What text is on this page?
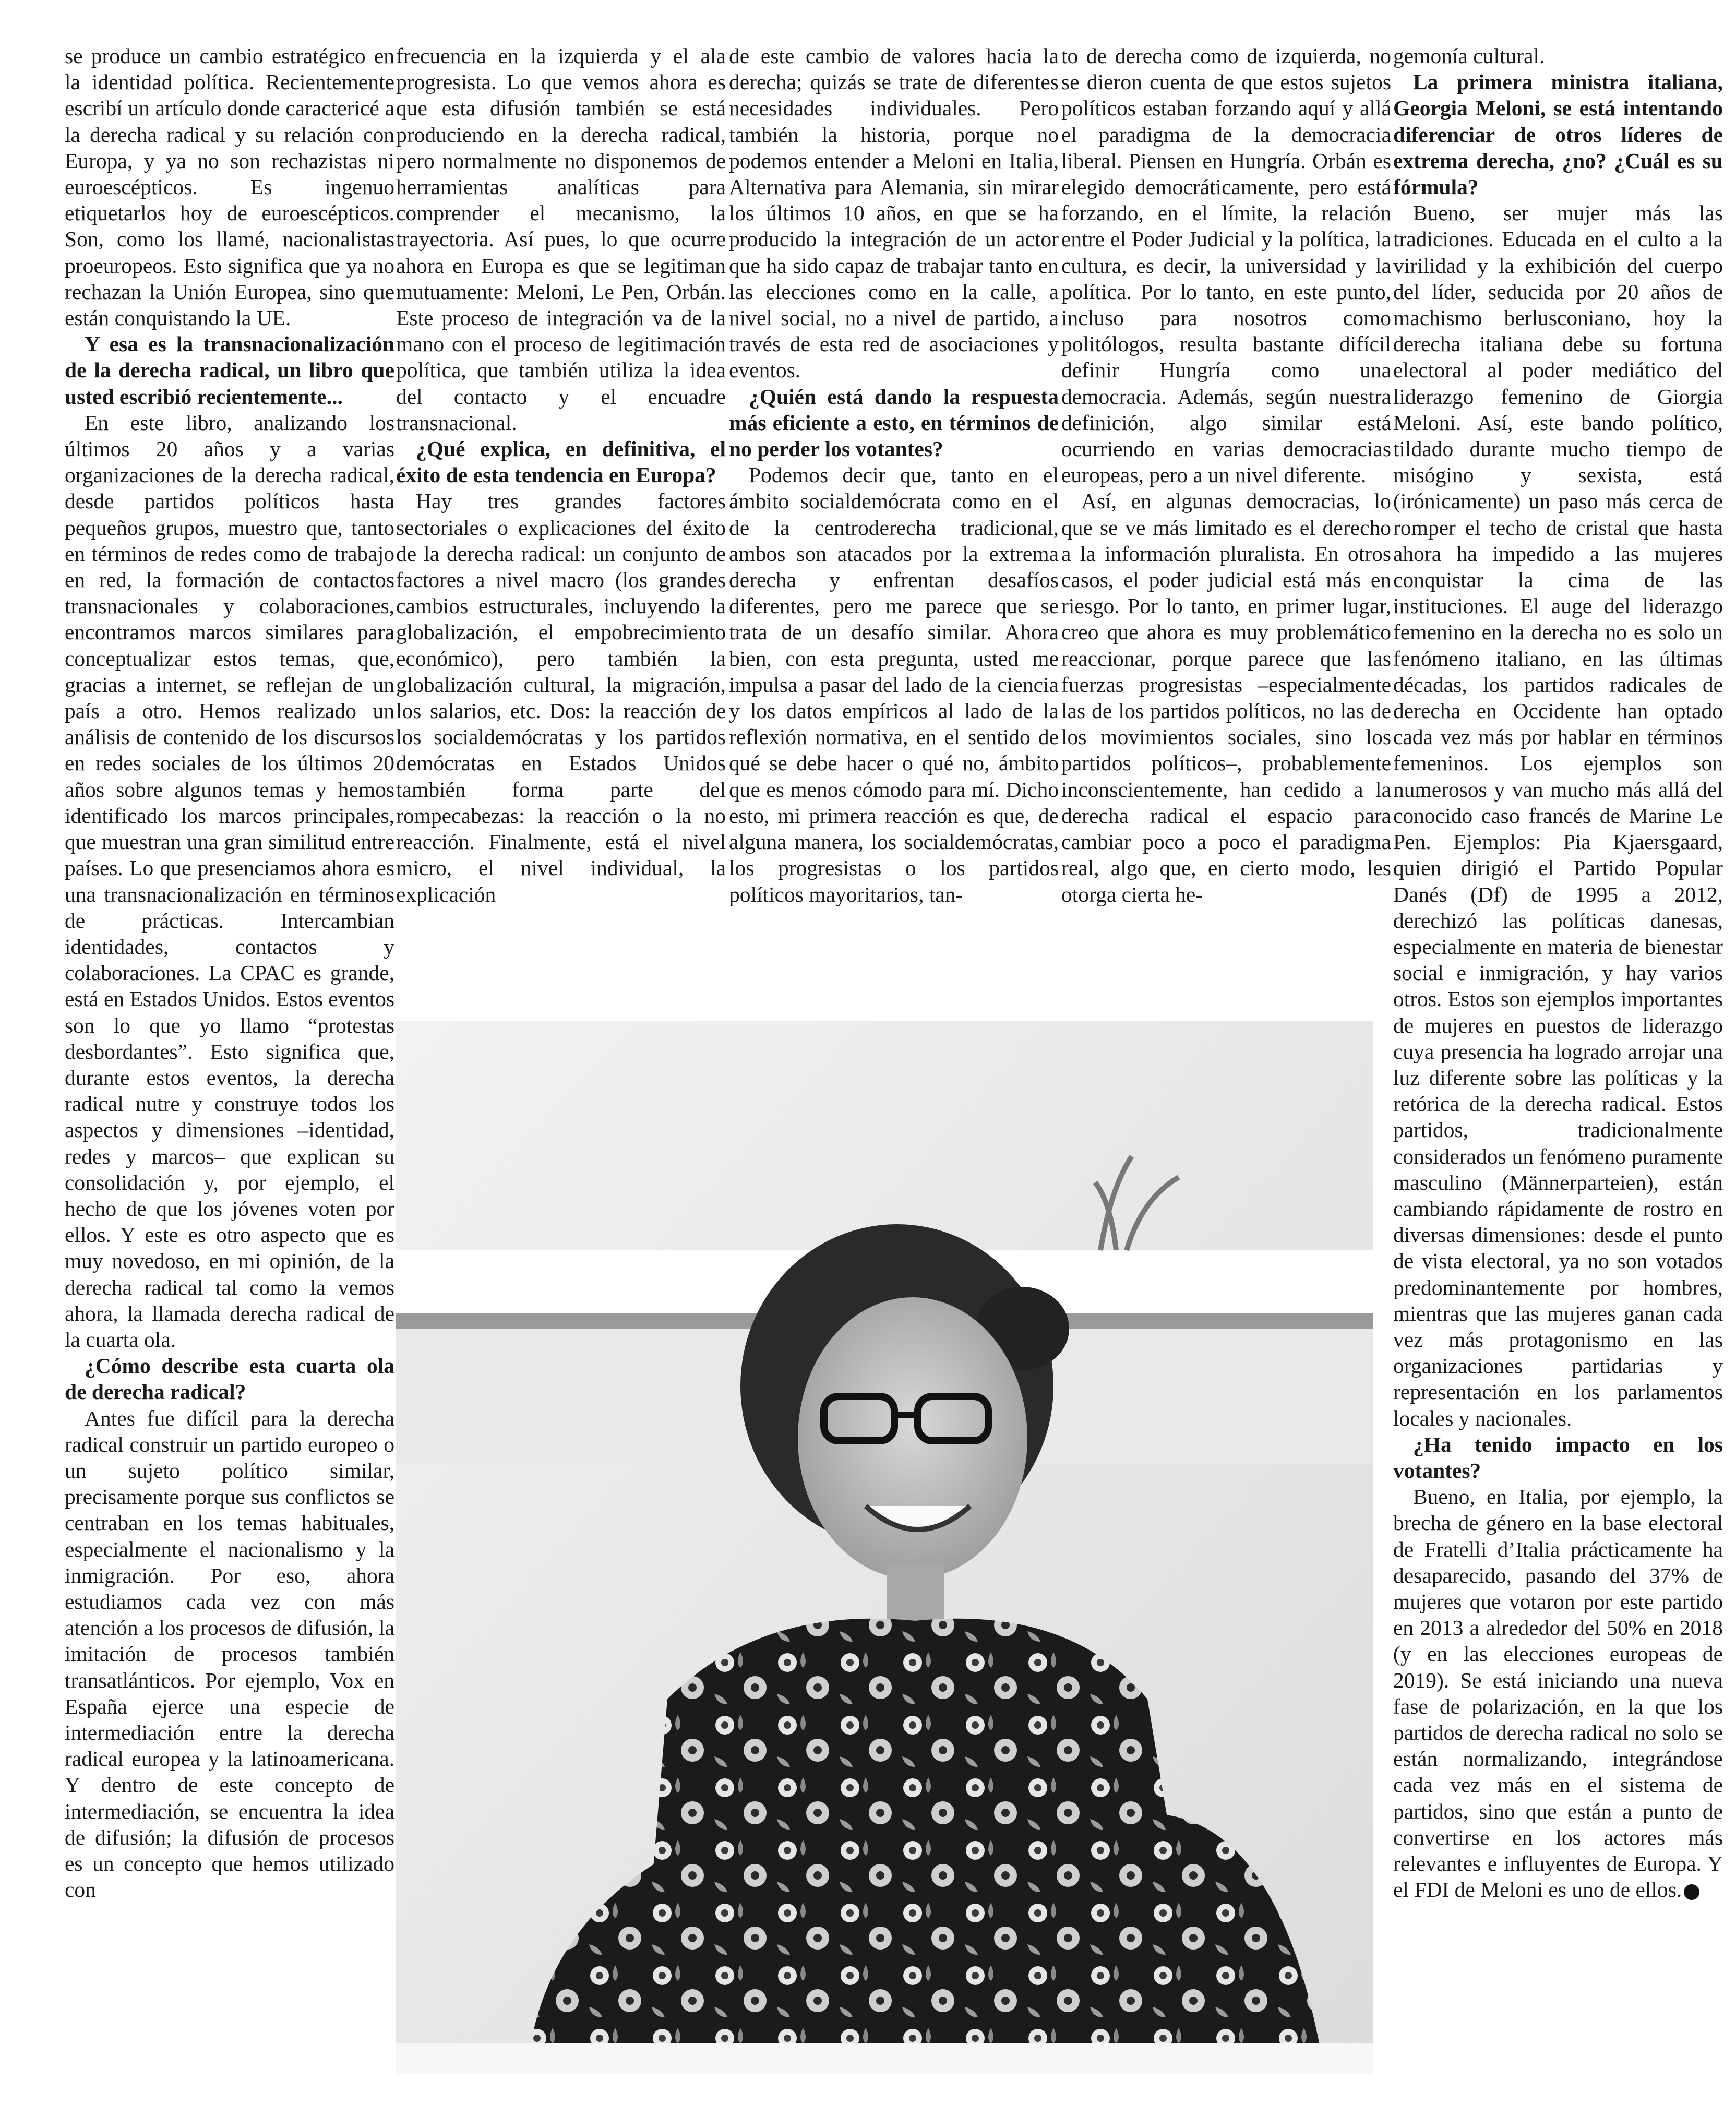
se produce un cambio estratégico en la identidad política. Recientemente escribí un artículo donde caractericé a la derecha radical y su relación con Europa, y ya no son rechazistas ni euroescépticos. Es ingenuo etiquetarlos hoy de euroescépticos. Son, como los llamé, nacionalistas proeuropeos. Esto significa que ya no rechazan la Unión Europea, sino que están conquistando la UE.

Y esa es la transnacionalización de la derecha radical, un libro que usted escribió recientemente...

En este libro, analizando los últimos 20 años y a varias organizaciones de la derecha radical, desde partidos políticos hasta pequeños grupos, muestro que, tanto en términos de redes como de trabajo en red, la formación de contactos transnacionales y colaboraciones, encontramos marcos similares para conceptualizar estos temas, que, gracias a internet, se reflejan de un país a otro. Hemos realizado un análisis de contenido de los discursos en redes sociales de los últimos 20 años sobre algunos temas y hemos identificado los marcos principales, que muestran una gran similitud entre países. Lo que presenciamos ahora es una transnacionalización en términos de prácticas. Intercambian identidades, contactos y colaboraciones. La CPAC es grande, está en Estados Unidos. Estos eventos son lo que yo llamo “protestas desbordantes”. Esto significa que, durante estos eventos, la derecha radical nutre y construye todos los aspectos y dimensiones –identidad, redes y marcos– que explican su consolidación y, por ejemplo, el hecho de que los jóvenes voten por ellos. Y este es otro aspecto que es muy novedoso, en mi opinión, de la derecha radical tal como la vemos ahora, la llamada derecha radical de la cuarta ola.

¿Cómo describe esta cuarta ola de derecha radical?

Antes fue difícil para la derecha radical construir un partido europeo o un sujeto político similar, precisamente porque sus conflictos se centraban en los temas habituales, especialmente el nacionalismo y la inmigración. Por eso, ahora estudiamos cada vez con más atención a los procesos de difusión, la imitación de procesos también transatlánticos. Por ejemplo, Vox en España ejerce una especie de intermediación entre la derecha radical europea y la latinoamericana. Y dentro de este concepto de intermediación, se encuentra la idea de difusión; la difusión de procesos es un concepto que hemos utilizado con

frecuencia en la izquierda y el ala progresista. Lo que vemos ahora es que esta difusión también se está produciendo en la derecha radical, pero normalmente no disponemos de herramientas analíticas para comprender el mecanismo, la trayectoria. Así pues, lo que ocurre ahora en Europa es que se legitiman mutuamente: Meloni, Le Pen, Orbán. Este proceso de integración va de la mano con el proceso de legitimación política, que también utiliza la idea del contacto y el encuadre transnacional.

¿Qué explica, en definitiva, el éxito de esta tendencia en Europa?

Hay tres grandes factores sectoriales o explicaciones del éxito de la derecha radical: un conjunto de factores a nivel macro (los grandes cambios estructurales, incluyendo la globalización, el empobrecimiento económico), pero también la globalización cultural, la migración, los salarios, etc. Dos: la reacción de los socialdemócratas y los partidos demócratas en Estados Unidos también forma parte del rompecabezas: la reacción o la no reacción. Finalmente, está el nivel micro, el nivel individual, la explicación

de este cambio de valores hacia la derecha; quizás se trate de diferentes necesidades individuales. Pero también la historia, porque no podemos entender a Meloni en Italia, Alternativa para Alemania, sin mirar los últimos 10 años, en que se ha producido la integración de un actor que ha sido capaz de trabajar tanto en las elecciones como en la calle, a nivel social, no a nivel de partido, a través de esta red de asociaciones y eventos.

¿Quién está dando la respuesta más eficiente a esto, en términos de no perder los votantes?

Podemos decir que, tanto en el ámbito socialdemócrata como en el de la centroderecha tradicional, ambos son atacados por la extrema derecha y enfrentan desafíos diferentes, pero me parece que se trata de un desafío similar. Ahora bien, con esta pregunta, usted me impulsa a pasar del lado de la ciencia y los datos empíricos al lado de la reflexión normativa, en el sentido de qué se debe hacer o qué no, ámbito que es menos cómodo para mí. Dicho esto, mi primera reacción es que, de alguna manera, los socialdemócratas, los progresistas o los partidos políticos mayoritarios, tan-

to de derecha como de izquierda, no se dieron cuenta de que estos sujetos políticos estaban forzando aquí y allá el paradigma de la democracia liberal. Piensen en Hungría. Orbán es elegido democráticamente, pero está forzando, en el límite, la relación entre el Poder Judicial y la política, la cultura, es decir, la universidad y la política. Por lo tanto, en este punto, incluso para nosotros como politólogos, resulta bastante difícil definir Hungría como una democracia. Además, según nuestra definición, algo similar está ocurriendo en varias democracias europeas, pero a un nivel diferente.

Así, en algunas democracias, lo que se ve más limitado es el derecho a la información pluralista. En otros casos, el poder judicial está más en riesgo. Por lo tanto, en primer lugar, creo que ahora es muy problemático reaccionar, porque parece que las fuerzas progresistas –especialmente las de los partidos políticos, no las de los movimientos sociales, sino los partidos políticos–, probablemente inconscientemente, han cedido a la derecha radical el espacio para cambiar poco a poco el paradigma real, algo que, en cierto modo, les otorga cierta he-

gemonía cultural.

La primera ministra italiana, Georgia Meloni, se está intentando diferenciar de otros líderes de extrema derecha, ¿no? ¿Cuál es su fórmula?

Bueno, ser mujer más las tradiciones. Educada en el culto a la virilidad y la exhibición del cuerpo del líder, seducida por 20 años de machismo berlusconiano, hoy la derecha italiana debe su fortuna electoral al poder mediático del liderazgo femenino de Giorgia Meloni. Así, este bando político, tildado durante mucho tiempo de misógino y sexista, está (irónicamente) un paso más cerca de romper el techo de cristal que hasta ahora ha impedido a las mujeres conquistar la cima de las instituciones. El auge del liderazgo femenino en la derecha no es solo un fenómeno italiano, en las últimas décadas, los partidos radicales de derecha en Occidente han optado cada vez más por hablar en términos femeninos. Los ejemplos son numerosos y van mucho más allá del conocido caso francés de Marine Le Pen. Ejemplos: Pia Kjaersgaard, quien dirigió el Partido Popular Danés (Df) de 1995 a 2012, derechizó las políticas danesas, especialmente en materia de bienestar social e inmigración, y hay varios otros. Estos son ejemplos importantes de mujeres en puestos de liderazgo cuya presencia ha logrado arrojar una luz diferente sobre las políticas y la retórica de la derecha radical. Estos partidos, tradicionalmente considerados un fenómeno puramente masculino (Männerparteien), están cambiando rápidamente de rostro en diversas dimensiones: desde el punto de vista electoral, ya no son votados predominantemente por hombres, mientras que las mujeres ganan cada vez más protagonismo en las organizaciones partidarias y representación en los parlamentos locales y nacionales.

¿Ha tenido impacto en los votantes?

Bueno, en Italia, por ejemplo, la brecha de género en la base electoral de Fratelli d’Italia prácticamente ha desaparecido, pasando del 37% de mujeres que votaron por este partido en 2013 a alrededor del 50% en 2018 (y en las elecciones europeas de 2019). Se está iniciando una nueva fase de polarización, en la que los partidos de derecha radical no solo se están normalizando, integrándose cada vez más en el sistema de partidos, sino que están a punto de convertirse en los actores más relevantes e influyentes de Europa. Y el FDI de Meloni es uno de ellos.
